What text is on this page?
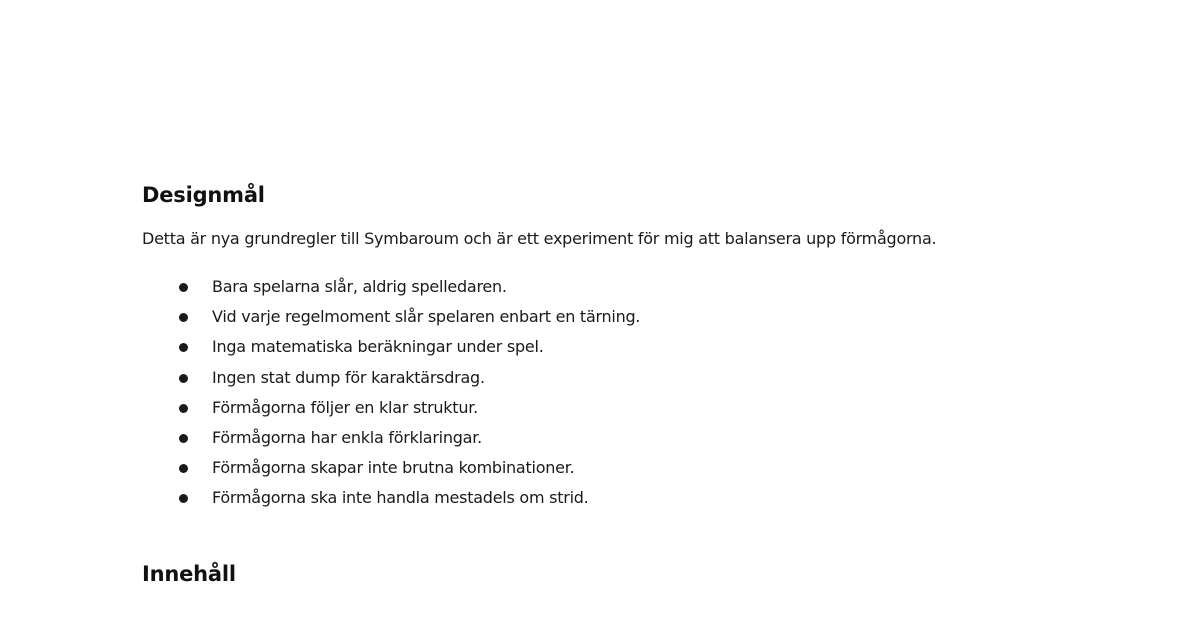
Designmål

Detta är nya grundregler till Symbaroum och är ett experiment för mig att balansera upp förmågorna.

Bara spelarna slår, aldrig spelledaren.
Vid varje regelmoment slår spelaren enbart en tärning.
Inga matematiska beräkningar under spel.
Ingen stat dump för karaktärsdrag.
Förmågorna följer en klar struktur.
Förmågorna har enkla förklaringar.
Förmågorna skapar inte brutna kombinationer.
Förmågorna ska inte handla mestadels om strid.
Innehåll
